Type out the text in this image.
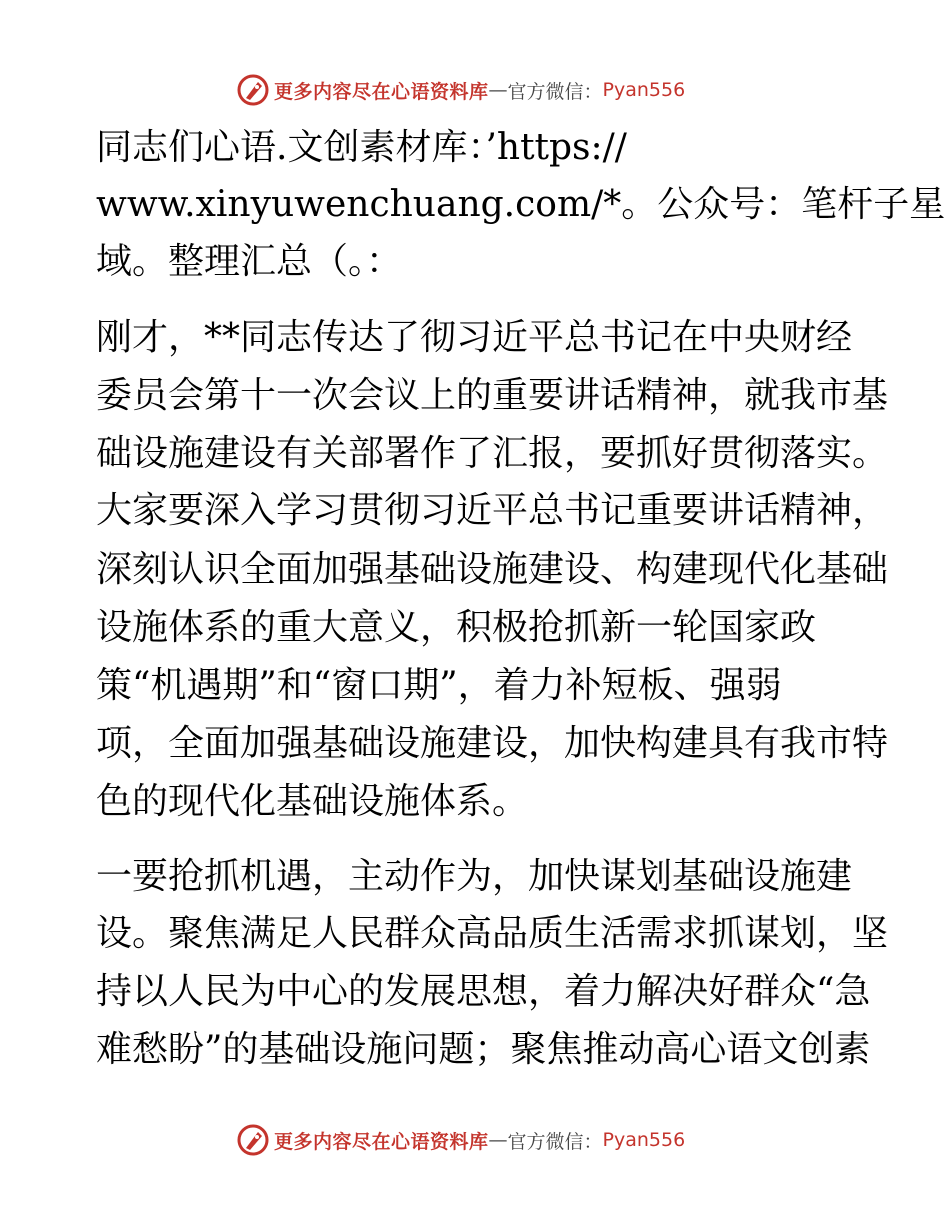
更多内容尽在心语资料库 — 官方微信： Pyan556
同志们心语.文创素材库：’https://
www.xinyuwenchuang.com/*。公众号：笔杆子星
域。整理汇总（。：
刚才，**同志传达了彻习近平总书记在中央财经
委员会第十一次会议上的重要讲话精神，就我市基
础设施建设有关部署作了汇报，要抓好贯彻落实。
大家要深入学习贯彻习近平总书记重要讲话精神，
深刻认识全面加强基础设施建设、构建现代化基础
设施体系的重大意义，积极抢抓新一轮国家政
策“机遇期”和“窗口期”，着力补短板、强弱
项，全面加强基础设施建设，加快构建具有我市特
色的现代化基础设施体系。
一要抢抓机遇，主动作为，加快谋划基础设施建
设。聚焦满足人民群众高品质生活需求抓谋划，坚
持以人民为中心的发展思想，着力解决好群众“急
难愁盼”的基础设施问题；聚焦推动高心语文创素
更多内容尽在心语资料库 — 官方微信： Pyan556
